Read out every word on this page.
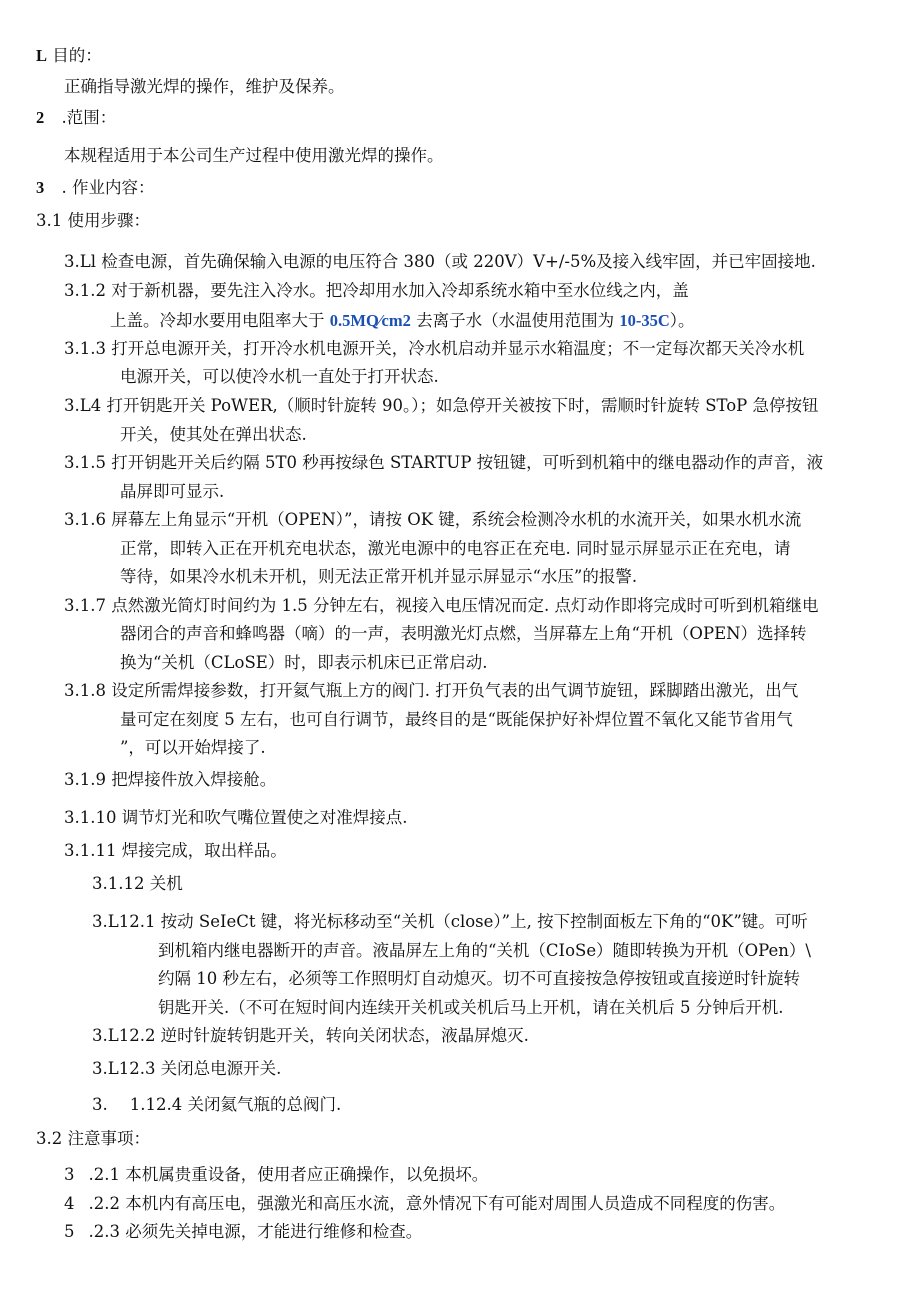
L 目的：
正确指导激光焊的操作，维护及保养。
2 .范围：
本规程适用于本公司生产过程中使用激光焊的操作。
3 . 作业内容：
3.1 使用步骤：
3.Ll 检查电源，首先确保输入电源的电压符合 380（或 220V）V+/-5%及接入线牢固，并已牢固接地.
3.1.2 对于新机器，要先注入冷水。把冷却用水加入冷却系统水箱中至水位线之内，盖
上盖。冷却水要用电阻率大于 0.5MQ⁄cm2 去离子水（水温使用范围为 10-35C）。
3.1.3 打开总电源开关，打开冷水机电源开关，冷水机启动并显示水箱温度；不一定每次都天关冷水机
电源开关，可以使冷水机一直处于打开状态.
3.L4 打开钥匙开关 PoWER,（顺时针旋转 90。）；如急停开关被按下时，需顺时针旋转 SToP 急停按钮
开关，使其处在弹出状态.
3.1.5 打开钥匙开关后约隔 5T0 秒再按绿色 STARTUP 按钮键，可听到机箱中的继电器动作的声音，液
晶屏即可显示.
3.1.6 屏幕左上角显示“开机（OPEN）”，请按 OK 键，系统会检测冷水机的水流开关，如果水机水流
正常，即转入正在开机充电状态，激光电源中的电容正在充电. 同时显示屏显示正在充电，请
等待，如果冷水机未开机，则无法正常开机并显示屏显示“水压”的报警.
3.1.7 点然激光简灯时间约为 1.5 分钟左右，视接入电压情况而定. 点灯动作即将完成时可听到机箱继电
器闭合的声音和蜂鸣器（嘀）的一声，表明激光灯点燃，当屏幕左上角“开机（OPEN）选择转
换为“关机（CLoSE）时，即表示机床已正常启动.
3.1.8 设定所需焊接参数，打开氦气瓶上方的阀门. 打开负气表的出气调节旋钮，踩脚踏出激光，出气
量可定在刻度 5 左右，也可自行调节，最终目的是“既能保护好补焊位置不氧化又能节省用气
”，可以开始焊接了.
3.1.9 把焊接件放入焊接舱。
3.1.10 调节灯光和吹气嘴位置使之对准焊接点.
3.1.11 焊接完成，取出样品。
3.1.12 关机
3.L12.1 按动 SeIeCt 键，将光标移动至“关机（close）”上, 按下控制面板左下角的“0K”键。可听
到机箱内继电器断开的声音。液晶屏左上角的“关机（CIoSe）随即转换为开机（OPen）\
约隔 10 秒左右，必须等工作照明灯自动熄灭。切不可直接按急停按钮或直接逆时针旋转
钥匙开关.（不可在短时间内连续开关机或关机后马上开机，请在关机后 5 分钟后开机.
3.L12.2 逆时针旋转钥匙开关，转向关闭状态，液晶屏熄灭.
3.L12.3 关闭总电源开关.
3. 1.12.4 关闭氦气瓶的总阀门.
3.2 注意事项：
3 .2.1 本机属贵重设备，使用者应正确操作，以免损坏。
4 .2.2 本机内有高压电，强激光和高压水流，意外情况下有可能对周围人员造成不同程度的伤害。
5 .2.3 必须先关掉电源，才能进行维修和检查。
